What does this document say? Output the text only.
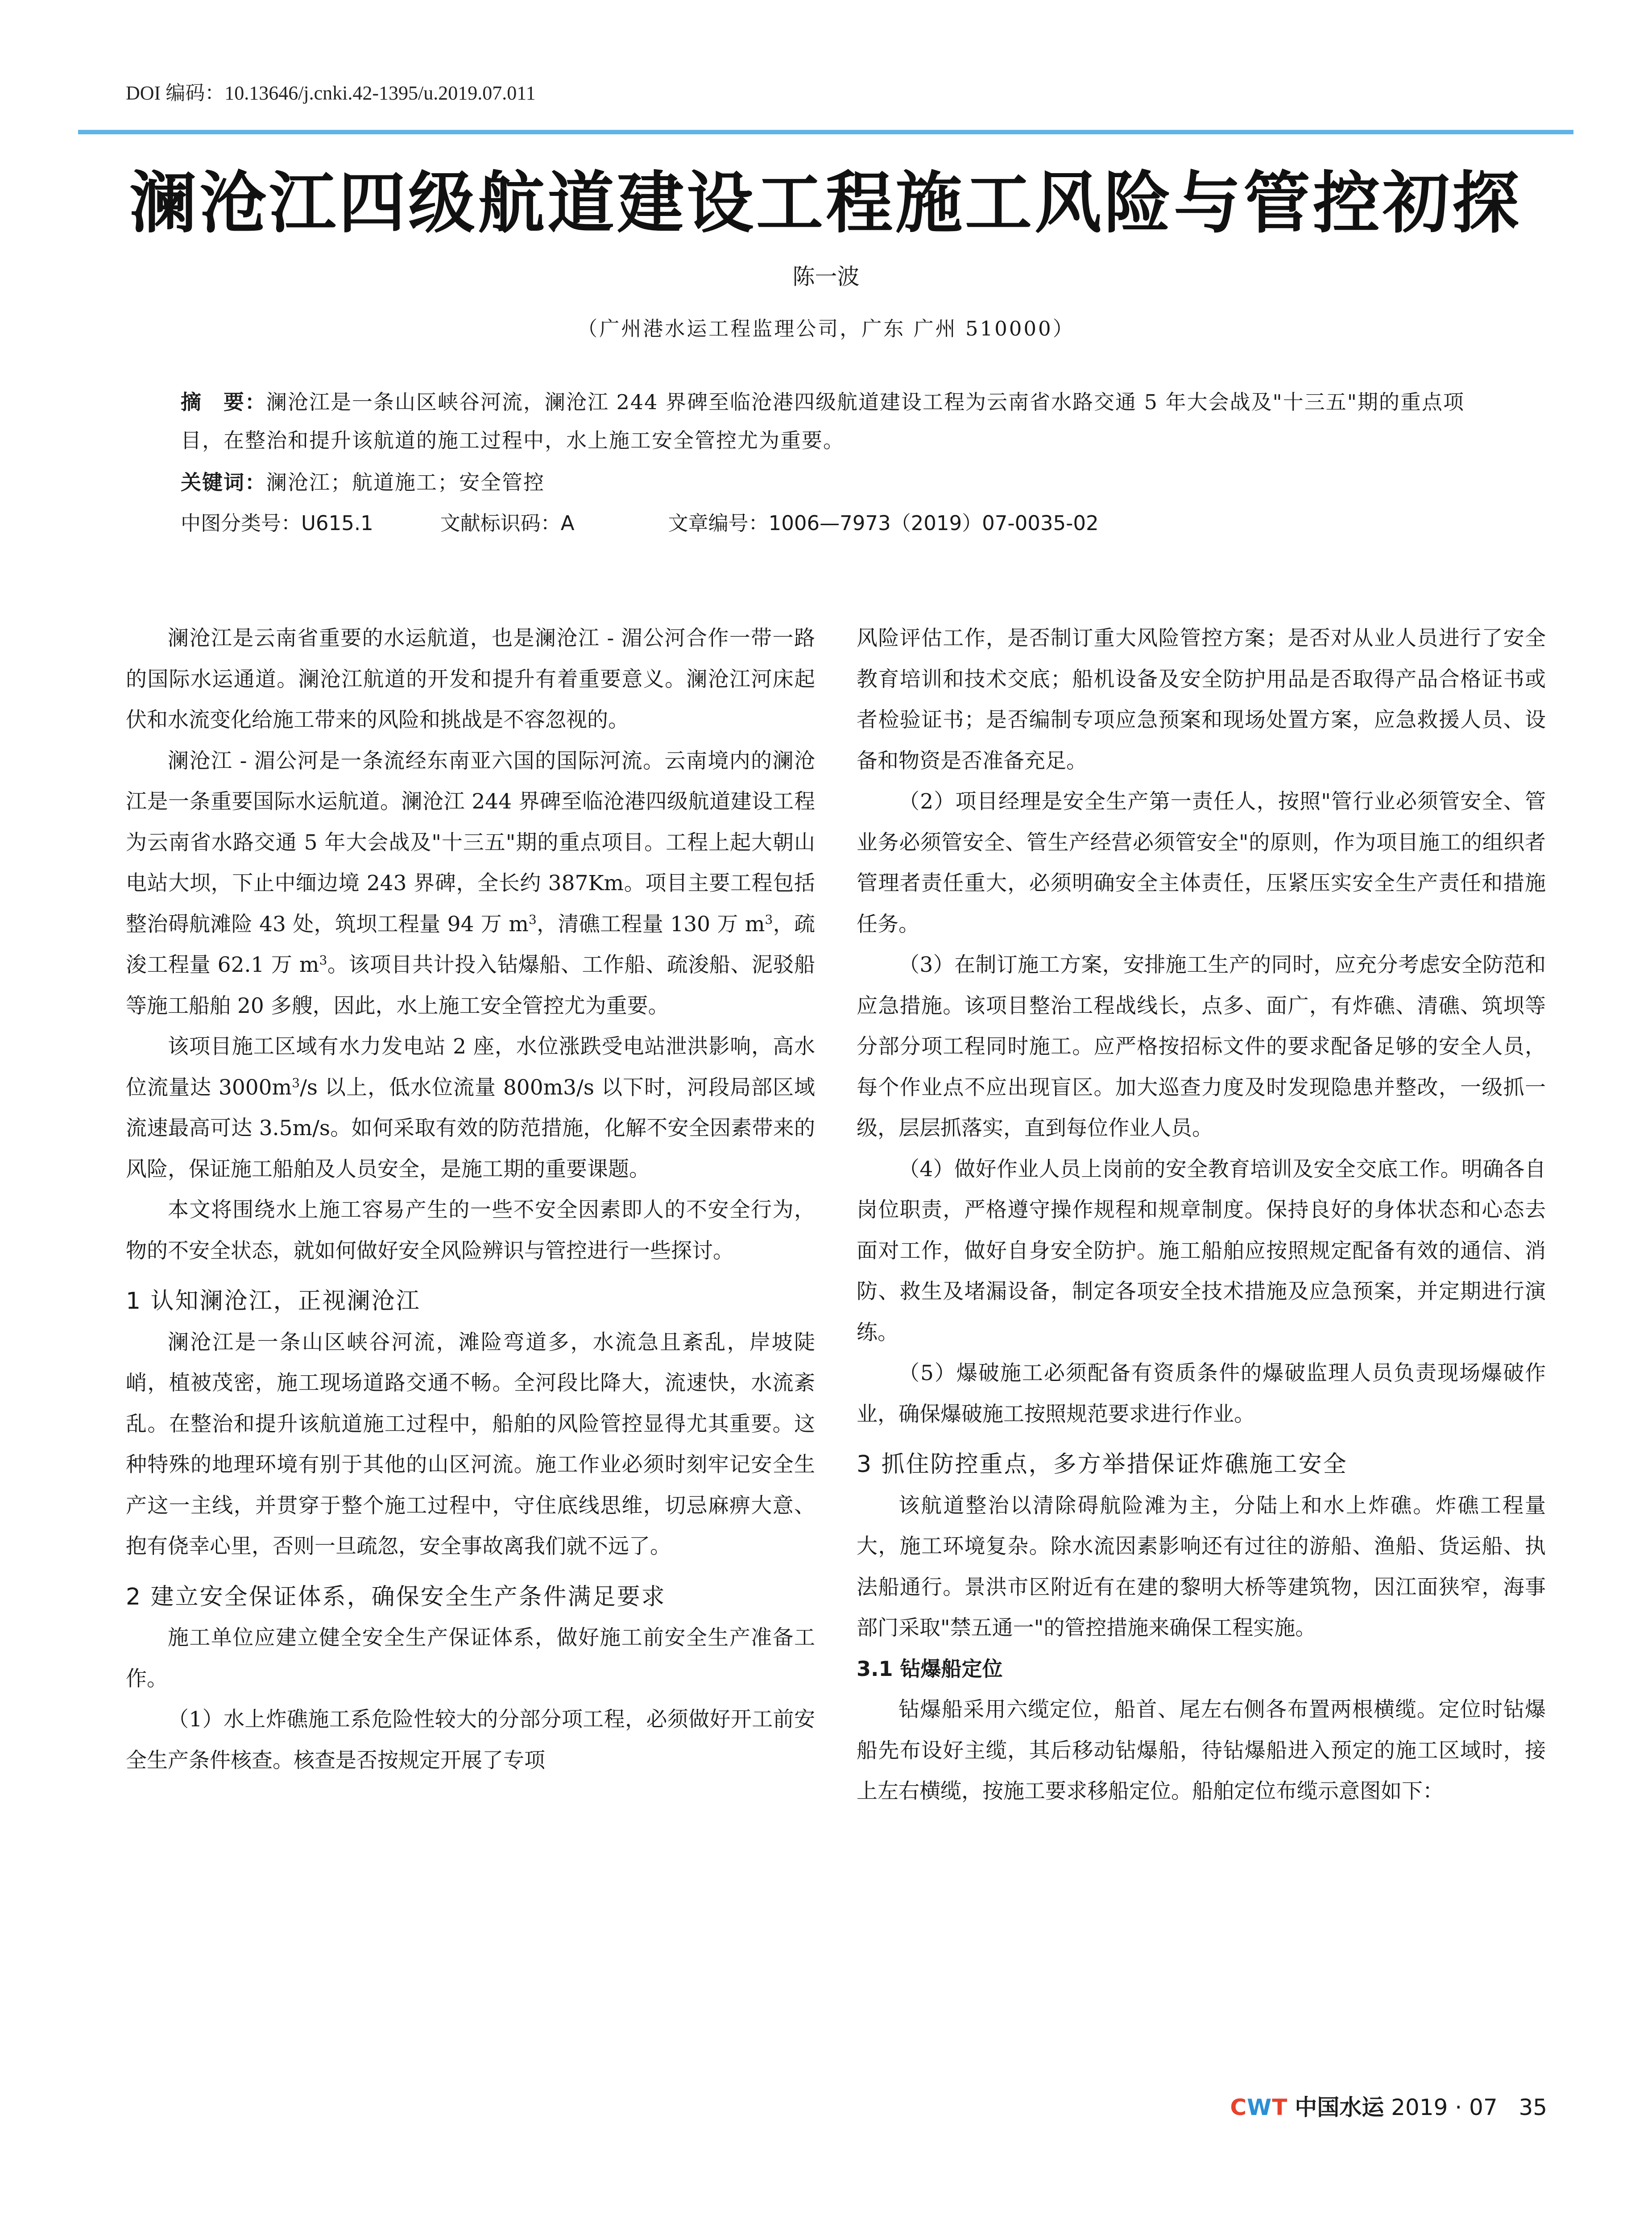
DOI 编码：10.13646/j.cnki.42-1395/u.2019.07.011
澜沧江四级航道建设工程施工风险与管控初探
陈一波
（广州港水运工程监理公司，广东 广州 510000）
摘　要：澜沧江是一条山区峡谷河流，澜沧江 244 界碑至临沧港四级航道建设工程为云南省水路交通 5 年大会战及"十三五"期的重点项目，在整治和提升该航道的施工过程中，水上施工安全管控尤为重要。
关键词：澜沧江；航道施工；安全管控
中图分类号：U615.1	文献标识码：A	文章编号：1006—7973（2019）07-0035-02

澜沧江是云南省重要的水运航道，也是澜沧江 - 湄公河合作一带一路的国际水运通道。澜沧江航道的开发和提升有着重要意义。澜沧江河床起伏和水流变化给施工带来的风险和挑战是不容忽视的。

澜沧江 - 湄公河是一条流经东南亚六国的国际河流。云南境内的澜沧江是一条重要国际水运航道。澜沧江 244 界碑至临沧港四级航道建设工程为云南省水路交通 5 年大会战及"十三五"期的重点项目。工程上起大朝山电站大坝，下止中缅边境 243 界碑，全长约 387Km。项目主要工程包括整治碍航滩险 43 处，筑坝工程量 94 万 $m^3$，清礁工程量 130 万 $m^3$，疏浚工程量 62.1 万 $m^3$。该项目共计投入钻爆船、工作船、疏浚船、泥驳船等施工船舶 20 多艘，因此，水上施工安全管控尤为重要。

该项目施工区域有水力发电站 2 座，水位涨跌受电站泄洪影响，高水位流量达 $3000m^3/s$ 以上，低水位流量 800m3/s 以下时，河段局部区域流速最高可达 3.5m/s。如何采取有效的防范措施，化解不安全因素带来的风险，保证施工船舶及人员安全，是施工期的重要课题。

本文将围绕水上施工容易产生的一些不安全因素即人的不安全行为，物的不安全状态，就如何做好安全风险辨识与管控进行一些探讨。

1 认知澜沧江，正视澜沧江

澜沧江是一条山区峡谷河流，滩险弯道多，水流急且紊乱，岸坡陡峭，植被茂密，施工现场道路交通不畅。全河段比降大，流速快，水流紊乱。在整治和提升该航道施工过程中，船舶的风险管控显得尤其重要。这种特殊的地理环境有别于其他的山区河流。施工作业必须时刻牢记安全生产这一主线，并贯穿于整个施工过程中，守住底线思维，切忌麻痹大意、抱有侥幸心里，否则一旦疏忽，安全事故离我们就不远了。

2 建立安全保证体系，确保安全生产条件满足要求

施工单位应建立健全安全生产保证体系，做好施工前安全生产准备工作。

（1）水上炸礁施工系危险性较大的分部分项工程，必须做好开工前安全生产条件核查。核查是否按规定开展了专项

风险评估工作，是否制订重大风险管控方案；是否对从业人员进行了安全教育培训和技术交底；船机设备及安全防护用品是否取得产品合格证书或者检验证书；是否编制专项应急预案和现场处置方案，应急救援人员、设备和物资是否准备充足。

（2）项目经理是安全生产第一责任人，按照"管行业必须管安全、管业务必须管安全、管生产经营必须管安全"的原则，作为项目施工的组织者管理者责任重大，必须明确安全主体责任，压紧压实安全生产责任和措施任务。

（3）在制订施工方案，安排施工生产的同时，应充分考虑安全防范和应急措施。该项目整治工程战线长，点多、面广，有炸礁、清礁、筑坝等分部分项工程同时施工。应严格按招标文件的要求配备足够的安全人员，每个作业点不应出现盲区。加大巡查力度及时发现隐患并整改，一级抓一级，层层抓落实，直到每位作业人员。

（4）做好作业人员上岗前的安全教育培训及安全交底工作。明确各自岗位职责，严格遵守操作规程和规章制度。保持良好的身体状态和心态去面对工作，做好自身安全防护。施工船舶应按照规定配备有效的通信、消防、救生及堵漏设备，制定各项安全技术措施及应急预案，并定期进行演练。

（5）爆破施工必须配备有资质条件的爆破监理人员负责现场爆破作业，确保爆破施工按照规范要求进行作业。

3 抓住防控重点，多方举措保证炸礁施工安全

该航道整治以清除碍航险滩为主，分陆上和水上炸礁。炸礁工程量大，施工环境复杂。除水流因素影响还有过往的游船、渔船、货运船、执法船通行。景洪市区附近有在建的黎明大桥等建筑物，因江面狭窄，海事部门采取"禁五通一"的管控措施来确保工程实施。

3.1 钻爆船定位

钻爆船采用六缆定位，船首、尾左右侧各布置两根横缆。定位时钻爆船先布设好主缆，其后移动钻爆船，待钻爆船进入预定的施工区域时，接上左右横缆，按施工要求移船定位。船舶定位布缆示意图如下：

CWT 中国水运 2019 · 07 35
